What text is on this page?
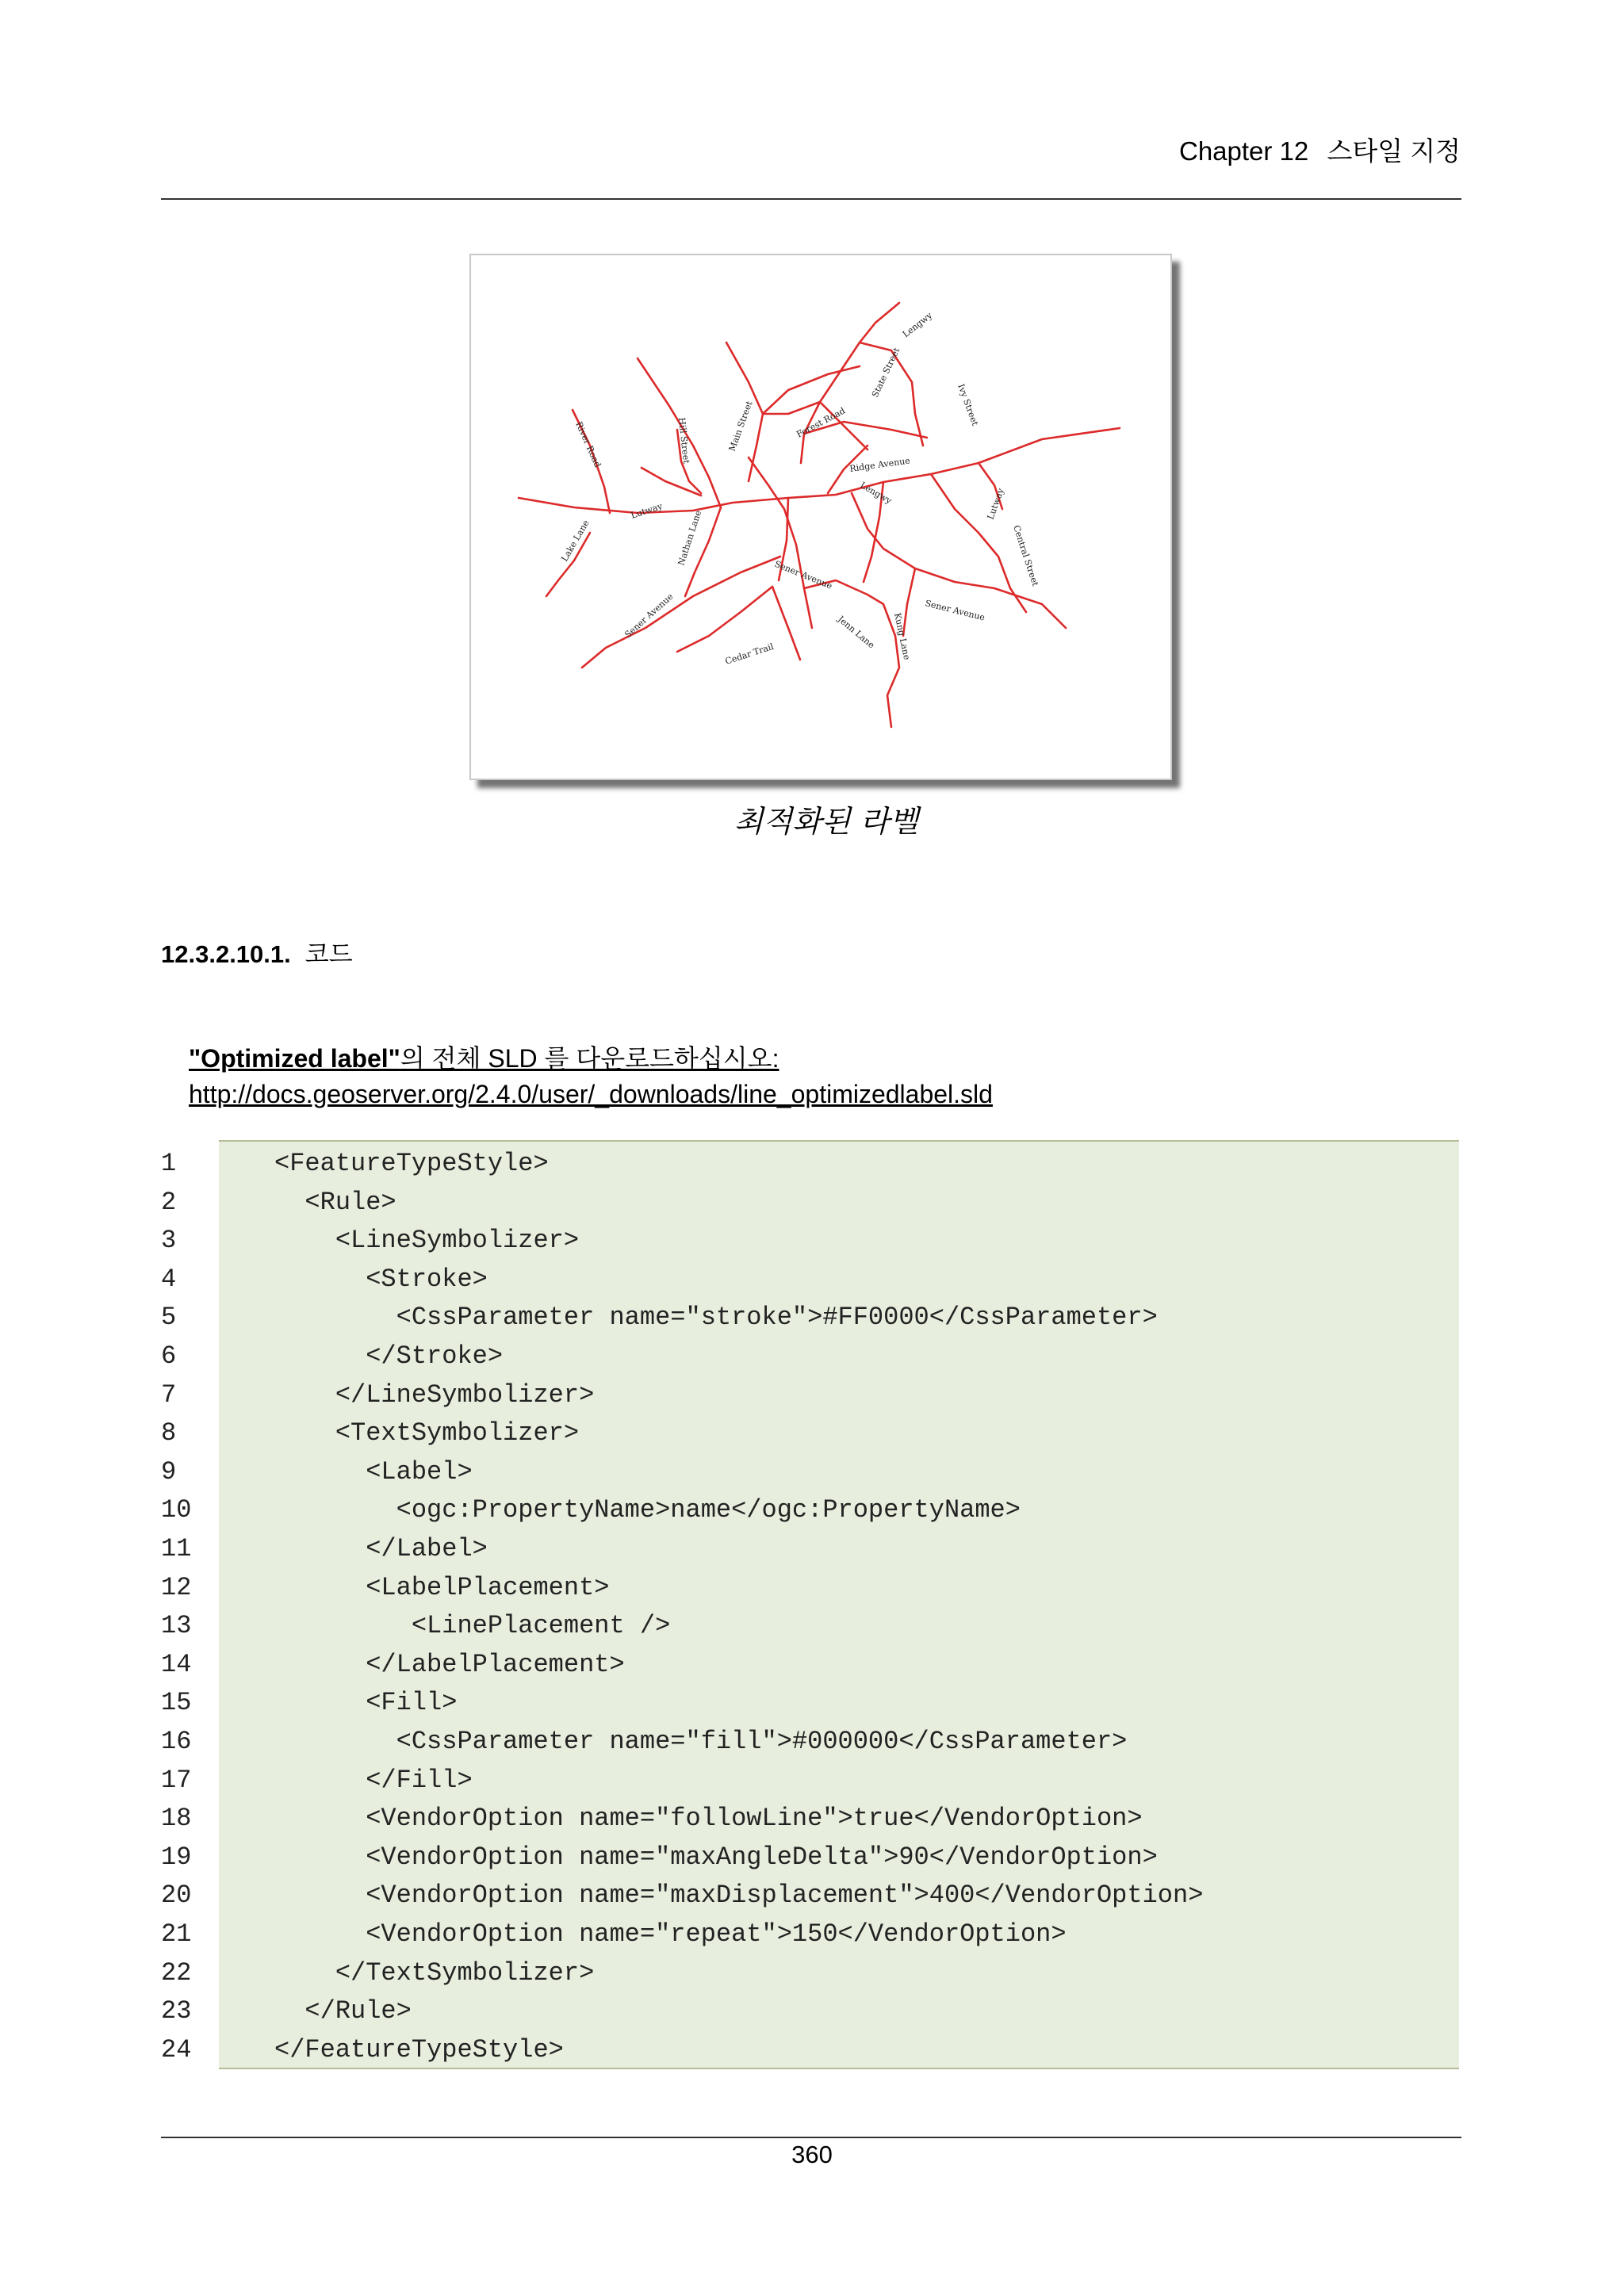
Chapter 12 스타일 지정
Lengwy
River Road	Hill Street	Main Street	Forest Road
State Street
Ridge Avenue
Lengwy
Lutway
Lake Lane	Nathan Lane
Cedar Trail
Sener Avenue
Sener Avenue
Sener Avenue
Central Street
Lutway
Jenn Lane Kung Lane
Ivy Street
최적화된 라벨
12.3.2.10.1. 코드
"Optimized label"의 전체 SLD 를 다운로드하십시오:
http://docs.geoserver.org/2.4.0/user/_downloads/line_optimizedlabel.sld
1	<FeatureTypeStyle>
2	<Rule>
3	<LineSymbolizer>
4	<Stroke>
5	<CssParameter name="stroke">#FF0000</CssParameter>
6	</Stroke>
7	</LineSymbolizer>
8	<TextSymbolizer>
9	<Label>
10	<ogc:PropertyName>name</ogc:PropertyName>
11	</Label>
12	<LabelPlacement>
13	<LinePlacement />
14	</LabelPlacement>
15	<Fill>
16	<CssParameter name="fill">#000000</CssParameter>
17	</Fill>
18	<VendorOption name="followLine">true</VendorOption>
19	<VendorOption name="maxAngleDelta">90</VendorOption>
20	<VendorOption name="maxDisplacement">400</VendorOption>
21	<VendorOption name="repeat">150</VendorOption>
22	</TextSymbolizer>
23	</Rule>
24	</FeatureTypeStyle>
360
